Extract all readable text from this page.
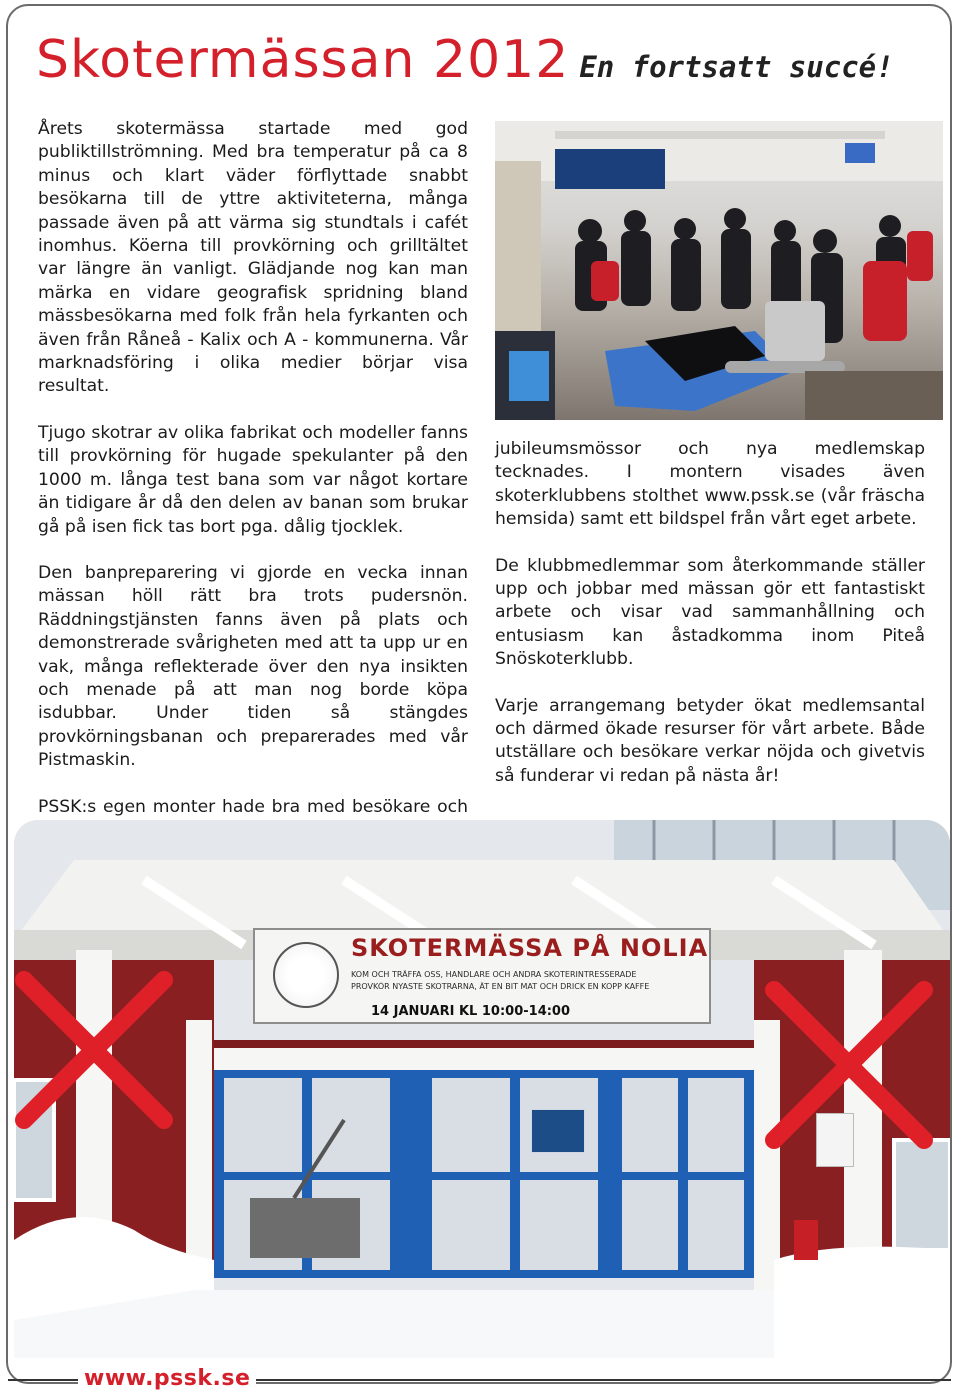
Skotermässan 2012 En fortsatt succé!

Årets skotermässa startade med god publiktillströmning. Med bra temperatur på ca 8 minus och klart väder förflyttade snabbt besökarna till de yttre aktiviteterna, många passade även på att värma sig stundtals i cafét inomhus. Köerna till provkörning och grilltältet var längre än vanligt. Glädjande nog kan man märka en vidare geografisk spridning bland mässbesökarna med folk från hela fyrkanten och även från Råneå - Kalix och A - kommunerna. Vår marknadsföring i olika medier börjar visa resultat.

Tjugo skotrar av olika fabrikat och modeller fanns till provkörning för hugade spekulanter på den 1000 m. långa test bana som var något kortare än tidigare år då den delen av banan som brukar gå på isen fick tas bort pga. dålig tjocklek.

Den banpreparering vi gjorde en vecka innan mässan höll rätt bra trots pudersnön. Räddningstjänsten fanns även på plats och demonstrerade svårigheten med att ta upp ur en vak, många reflekterade över den nya insikten och menade på att man nog borde köpa isdubbar. Under tiden så stängdes provkörningsbanan och preparerades med vår Pistmaskin.

PSSK:s egen monter hade bra med besökare och

jubileumsmössor och nya medlemskap tecknades. I montern visades även skoterklubbens stolthet www.pssk.se (vår fräscha hemsida) samt ett bildspel från vårt eget arbete.

De klubbmedlemmar som återkommande ställer upp och jobbar med mässan gör ett fantastiskt arbete och visar vad sammanhållning och entusiasm kan åstadkomma inom Piteå Snöskoterklubb.

Varje arrangemang betyder ökat medlemsantal och därmed ökade resurser för vårt arbete. Både utställare och besökare verkar nöjda och givetvis så funderar vi redan på nästa år!

SKOTERMÄSSA PÅ NOLIA
KOM OCH TRÄFFA OSS, HANDLARE OCH ANDRA SKOTERINTRESSERADE
PROVKÖR NYASTE SKOTRARNA, ÄT EN BIT MAT OCH DRICK EN KOPP KAFFE
14 JANUARI KL 10:00-14:00
www.pssk.se
